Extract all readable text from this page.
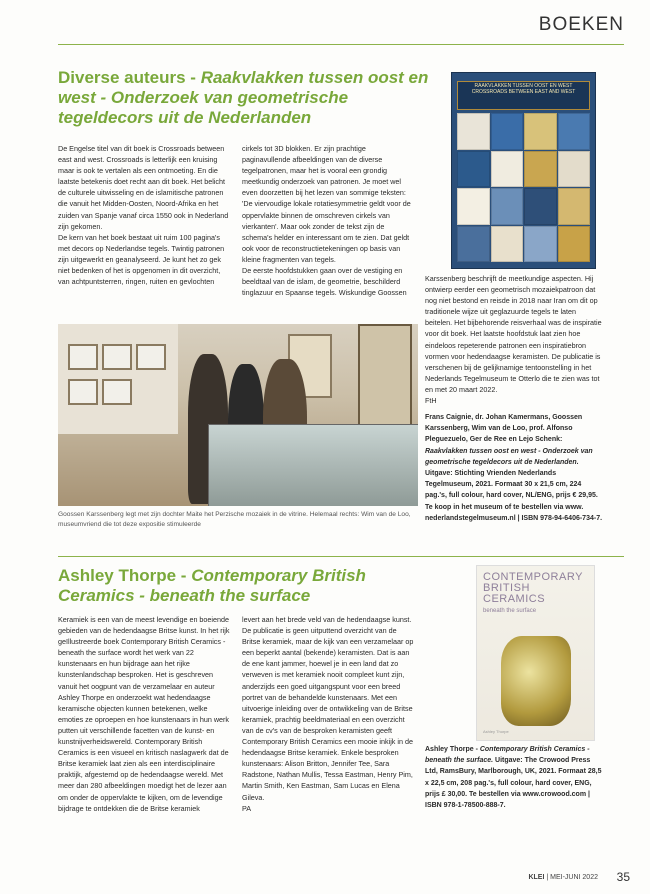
BOEKEN
Diverse auteurs - Raakvlakken tussen oost en west - Onderzoek van geometrische tegeldecors uit de Nederlanden

De Engelse titel van dit boek is Crossroads between east and west. Crossroads is letterlijk een kruising maar is ook te vertalen als een ontmoeting. En die laatste betekenis doet recht aan dit boek. Het belicht de culturele uitwisseling en de islamitische patronen die vanuit het Midden-Oosten, Noord-Afrika en het zuiden van Spanje vanaf circa 1550 ook in Nederland zijn gekomen.

De kern van het boek bestaat uit ruim 100 pagina's met decors op Nederlandse tegels. Twintig patronen zijn uitgewerkt en geanalyseerd. Je kunt het zo gek niet bedenken of het is opgenomen in dit overzicht, van achtpuntsterren, ringen, ruiten en gevlochten

cirkels tot 3D blokken. Er zijn prachtige paginavullende afbeeldingen van de diverse tegelpatronen, maar het is vooral een grondig meetkundig onderzoek van patronen. Je moet wel even doorzetten bij het lezen van sommige teksten: 'De viervoudige lokale rotatiesymmetrie geldt voor de oppervlakte binnen de omschreven cirkels van vierkanten'. Maar ook zonder de tekst zijn de schema's helder en interessant om te zien. Dat geldt ook voor de reconstructietekeningen op basis van kleine fragmenten van tegels.

De eerste hoofdstukken gaan over de vestiging en beeldtaal van de islam, de geometrie, beschilderd tinglazuur en Spaanse tegels. Wiskundige Goossen

RAAKVLAKKEN TUSSEN OOST EN WEST
CROSSROADS BETWEEN EAST AND WEST

Karssenberg beschrijft de meetkundige aspecten. Hij ontwierp eerder een geometrisch mozaiekpatroon dat nog niet bestond en reisde in 2018 naar Iran om dit op traditionele wijze uit geglazuurde tegels te laten beitelen. Het bijbehorende reisverhaal was de inspiratie voor dit boek. Het laatste hoofdstuk laat zien hoe eindeloos repeterende patronen een inspiratiebron vormen voor hedendaagse keramisten. De publicatie is verschenen bij de gelijknamige tentoonstelling in het Nederlands Tegelmuseum te Otterlo die te zien was tot en met 20 maart 2022.

FtH

Goossen Karssenberg legt met zijn dochter Maite het Perzische mozaiek in de vitrine. Helemaal rechts: Wim van de Loo, museumvriend die tot deze expositie stimuleerde
Frans Caignie, dr. Johan Kamermans, Goossen Karssenberg, Wim van de Loo, prof. Alfonso Pleguezuelo, Ger de Ree en Lejo Schenk: Raakvlakken tussen oost en west - Onderzoek van geometrische tegeldecors uit de Nederlanden. Uitgave: Stichting Vrienden Nederlands Tegelmuseum, 2021. Formaat 30 x 21,5 cm, 224 pag.'s, full colour, hard cover, NL/ENG, prijs € 29,95. Te koop in het museum of te bestellen via www. nederlandstegelmuseum.nl | ISBN 978-94-6406-734-7.
Ashley Thorpe - Contemporary British Ceramics - beneath the surface

Keramiek is een van de meest levendige en boeiende gebieden van de hedendaagse Britse kunst. In het rijk geïllustreerde boek Contemporary British Ceramics - beneath the surface wordt het werk van 22 kunstenaars en hun bijdrage aan het rijke kunstenlandschap besproken. Het is geschreven vanuit het oogpunt van de verzamelaar en auteur Ashley Thorpe en onderzoekt wat hedendaagse keramische objecten kunnen betekenen, welke emoties ze oproepen en hoe kunstenaars in hun werk putten uit verschillende facetten van de kunst- en kunstnijverheidswereld. Contemporary British Ceramics is een visueel en kritisch naslagwerk dat de Britse keramiek laat zien als een interdisciplinaire praktijk, afgestemd op de hedendaagse wereld. Met meer dan 280 afbeeldingen moedigt het de lezer aan om onder de oppervlakte te kijken, om de levendige bijdrage te ontdekken die de Britse keramiek

levert aan het brede veld van de hedendaagse kunst. De publicatie is geen uitputtend overzicht van de Britse keramiek, maar de kijk van een verzamelaar op een beperkt aantal (bekende) keramisten. Dat is aan de ene kant jammer, hoewel je in een land dat zo verweven is met keramiek nooit compleet kunt zijn, anderzijds een goed uitgangspunt voor een breed portret van de behandelde kunstenaars. Met een uitvoerige inleiding over de ontwikkeling van de Britse keramiek, prachtig beeldmateriaal en een overzicht van de cv's van de besproken keramisten geeft Contemporary British Ceramics een mooie inkijk in de hedendaagse Britse keramiek. Enkele besproken kunstenaars: Alison Britton, Jennifer Tee, Sara Radstone, Nathan Mullis, Tessa Eastman, Henry Pim, Martin Smith, Ken Eastman, Sam Lucas en Elena Gileva.

PA

CONTEMPORARY BRITISH CERAMICS
beneath the surface
Ashley Thorpe
Ashley Thorpe - Contemporary British Ceramics - beneath the surface. Uitgave: The Crowood Press Ltd, RamsBury, Marlborough, UK, 2021. Formaat 28,5 x 22,5 cm, 208 pag.'s, full colour, hard cover, ENG, prijs £ 30,00. Te bestellen via www.crowood.com | ISBN 978-1-78500-888-7.
KLEI | MEI-JUNI 2022 35
